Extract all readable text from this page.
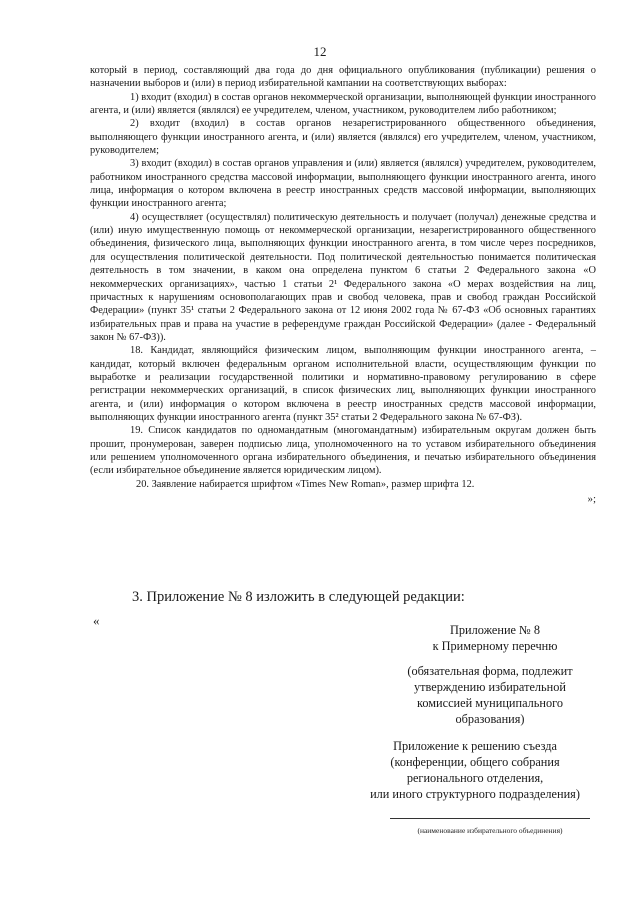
12

который в период, составляющий два года до дня официального опубликования (публикации) решения о назначении выборов и (или) в период избирательной кампании на соответствующих выборах:

1) входит (входил) в состав органов некоммерческой организации, выполняющей функции иностранного агента, и (или) является (являлся) ее учредителем, членом, участником, руководителем либо работником;

2) входит (входил) в состав органов незарегистрированного общественного объединения, выполняющего функции иностранного агента, и (или) является (являлся) его учредителем, членом, участником, руководителем;

3) входит (входил) в состав органов управления и (или) является (являлся) учредителем, руководителем, работником иностранного средства массовой информации, выполняющего функции иностранного агента, иного лица, информация о котором включена в реестр иностранных средств массовой информации, выполняющих функции иностранного агента;

4) осуществляет (осуществлял) политическую деятельность и получает (получал) денежные средства и (или) иную имущественную помощь от некоммерческой организации, незарегистрированного общественного объединения, физического лица, выполняющих функции иностранного агента, в том числе через посредников, для осуществления политической деятельности. Под политической деятельностью понимается политическая деятельность в том значении, в каком она определена пунктом 6 статьи 2 Федерального закона «О некоммерческих организациях», частью 1 статьи 2¹ Федерального закона «О мерах воздействия на лиц, причастных к нарушениям основополагающих прав и свобод человека, прав и свобод граждан Российской Федерации» (пункт 35¹ статьи 2 Федерального закона от 12 июня 2002 года № 67-ФЗ «Об основных гарантиях избирательных прав и права на участие в референдуме граждан Российской Федерации» (далее - Федеральный закон № 67-ФЗ)).

18. Кандидат, являющийся физическим лицом, выполняющим функции иностранного агента, – кандидат, который включен федеральным органом исполнительной власти, осуществляющим функции по выработке и реализации государственной политики и нормативно-правовому регулированию в сфере регистрации некоммерческих организаций, в список физических лиц, выполняющих функции иностранного агента, и (или) информация о котором включена в реестр иностранных средств массовой информации, выполняющих функции иностранного агента (пункт 35² статьи 2 Федерального закона № 67-ФЗ).

19. Список кандидатов по одномандатным (многомандатным) избирательным округам должен быть прошит, пронумерован, заверен подписью лица, уполномоченного на то уставом избирательного объединения или решением уполномоченного органа избирательного объединения, и печатью избирательного объединения (если избирательное объединение является юридическим лицом).

20. Заявление набирается шрифтом «Times New Roman», размер шрифта 12.

»;
3. Приложение № 8 изложить в следующей редакции:
«
Приложение № 8
к Примерному перечню
(обязательная форма, подлежит
утверждению избирательной
комиссией муниципального
образования)
Приложение к решению съезда
(конференции, общего собрания
регионального отделения,
или иного структурного подразделения)
(наименование избирательного объединения)
